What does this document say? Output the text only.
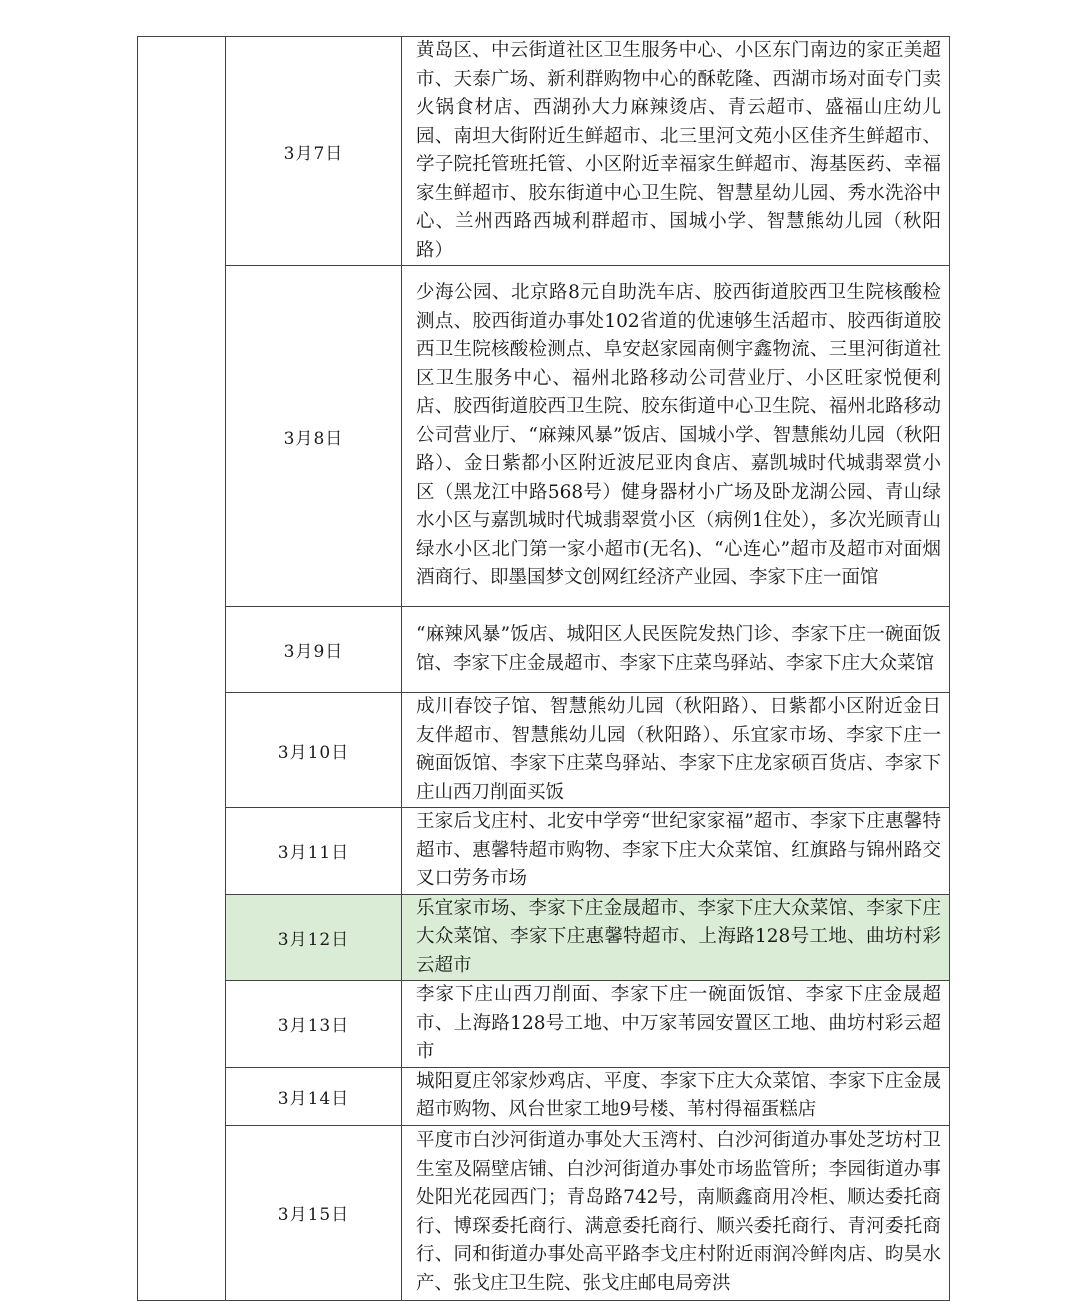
	3月7日	黄岛区、中云街道社区卫生服务中心、小区东门南边的家正美超市、天泰广场、新利群购物中心的酥乾隆、西湖市场对面专门卖火锅食材店、西湖孙大力麻辣烫店、青云超市、盛福山庄幼儿园、南坦大街附近生鲜超市、北三里河文苑小区佳齐生鲜超市、学子院托管班托管、小区附近幸福家生鲜超市、海基医药、幸福家生鲜超市、胶东街道中心卫生院、智慧星幼儿园、秀水洗浴中心、兰州西路西城利群超市、国城小学、智慧熊幼儿园（秋阳路）
	3月8日	少海公园、北京路8元自助洗车店、胶西街道胶西卫生院核酸检测点、胶西街道办事处102省道的优速够生活超市、胶西街道胶西卫生院核酸检测点、阜安赵家园南侧宇鑫物流、三里河街道社区卫生服务中心、福州北路移动公司营业厅、小区旺家悦便利店、胶西街道胶西卫生院、胶东街道中心卫生院、福州北路移动公司营业厅、“麻辣风暴”饭店、国城小学、智慧熊幼儿园（秋阳路）、金日紫都小区附近波尼亚肉食店、嘉凯城时代城翡翠赏小区（黑龙江中路568号）健身器材小广场及卧龙湖公园、青山绿水小区与嘉凯城时代城翡翠赏小区（病例1住处），多次光顾青山绿水小区北门第一家小超市(无名)、“心连心”超市及超市对面烟酒商行、即墨国梦文创网红经济产业园、李家下庄一面馆
	3月9日	“麻辣风暴”饭店、城阳区人民医院发热门诊、李家下庄一碗面饭馆、李家下庄金晟超市、李家下庄菜鸟驿站、李家下庄大众菜馆
	3月10日	成川春饺子馆、智慧熊幼儿园（秋阳路）、日紫都小区附近金日友伴超市、智慧熊幼儿园（秋阳路）、乐宜家市场、李家下庄一碗面饭馆、李家下庄菜鸟驿站、李家下庄龙家硕百货店、李家下庄山西刀削面买饭
	3月11日	王家后戈庄村、北安中学旁“世纪家家福”超市、李家下庄惠馨特超市、惠馨特超市购物、李家下庄大众菜馆、红旗路与锦州路交叉口劳务市场
	3月12日	乐宜家市场、李家下庄金晟超市、李家下庄大众菜馆、李家下庄大众菜馆、李家下庄惠馨特超市、上海路128号工地、曲坊村彩云超市
	3月13日	李家下庄山西刀削面、李家下庄一碗面饭馆、李家下庄金晟超市、上海路128号工地、中万家苇园安置区工地、曲坊村彩云超市
	3月14日	城阳夏庄邻家炒鸡店、平度、李家下庄大众菜馆、李家下庄金晟超市购物、风台世家工地9号楼、苇村得福蛋糕店
	3月15日	平度市白沙河街道办事处大玉湾村、白沙河街道办事处芝坊村卫生室及隔壁店铺、白沙河街道办事处市场监管所；李园街道办事处阳光花园西门；青岛路742号，南顺鑫商用冷柜、顺达委托商行、博琛委托商行、满意委托商行、顺兴委托商行、青河委托商行、同和街道办事处高平路李戈庄村附近雨润冷鲜肉店、昀昊水产、张戈庄卫生院、张戈庄邮电局旁洪
